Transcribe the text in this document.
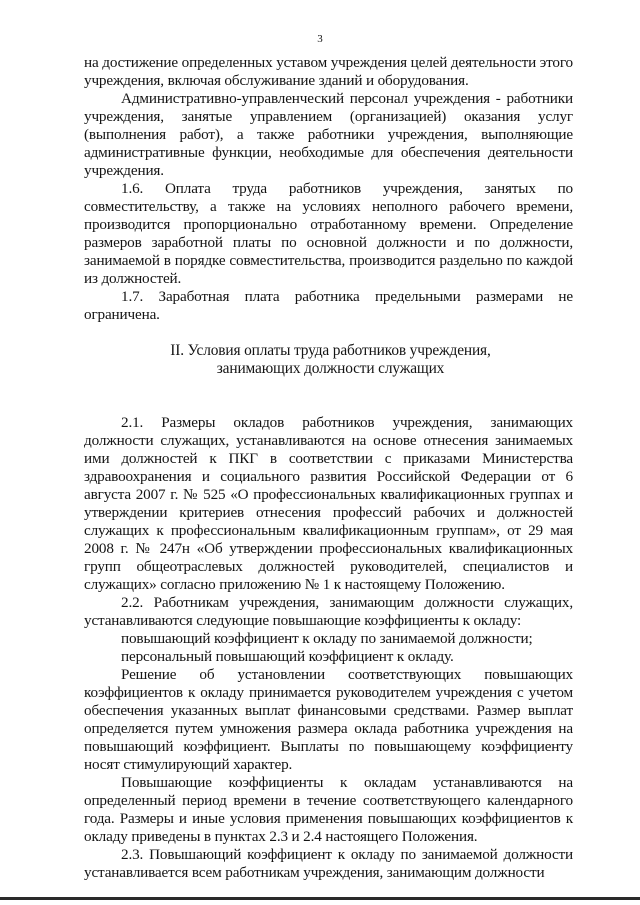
3

на достижение определенных уставом учреждения целей деятельности этого учреждения, включая обслуживание зданий и оборудования.

Административно-управленческий персонал учреждения - работники учреждения, занятые управлением (организацией) оказания услуг (выполнения работ), а также работники учреждения, выполняющие административные функции, необходимые для обеспечения деятельности учреждения.

1.6. Оплата труда работников учреждения, занятых по совместительству, а также на условиях неполного рабочего времени, производится пропорционально отработанному времени. Определение размеров заработной платы по основной должности и по должности, занимаемой в порядке совместительства, производится раздельно по каждой из должностей.

1.7. Заработная плата работника предельными размерами не ограничена.

II. Условия оплаты труда работников учреждения,

занимающих должности служащих

2.1. Размеры окладов работников учреждения, занимающих должности служащих, устанавливаются на основе отнесения занимаемых ими должностей к ПКГ в соответствии с приказами Министерства здравоохранения и социального развития Российской Федерации от 6 августа 2007 г. № 525 «О профессиональных квалификационных группах и утверждении критериев отнесения профессий рабочих и должностей служащих к профессиональным квалификационным группам», от 29 мая 2008 г. № 247н «Об утверждении профессиональных квалификационных групп общеотраслевых должностей руководителей, специалистов и служащих» согласно приложению № 1 к настоящему Положению.

2.2. Работникам учреждения, занимающим должности служащих, устанавливаются следующие повышающие коэффициенты к окладу:

повышающий коэффициент к окладу по занимаемой должности;

персональный повышающий коэффициент к окладу.

Решение об установлении соответствующих повышающих коэффициентов к окладу принимается руководителем учреждения с учетом обеспечения указанных выплат финансовыми средствами. Размер выплат определяется путем умножения размера оклада работника учреждения на повышающий коэффициент. Выплаты по повышающему коэффициенту носят стимулирующий характер.

Повышающие коэффициенты к окладам устанавливаются на определенный период времени в течение соответствующего календарного года. Размеры и иные условия применения повышающих коэффициентов к окладу приведены в пунктах 2.3 и 2.4 настоящего Положения.

2.3. Повышающий коэффициент к окладу по занимаемой должности устанавливается всем работникам учреждения, занимающим должности
